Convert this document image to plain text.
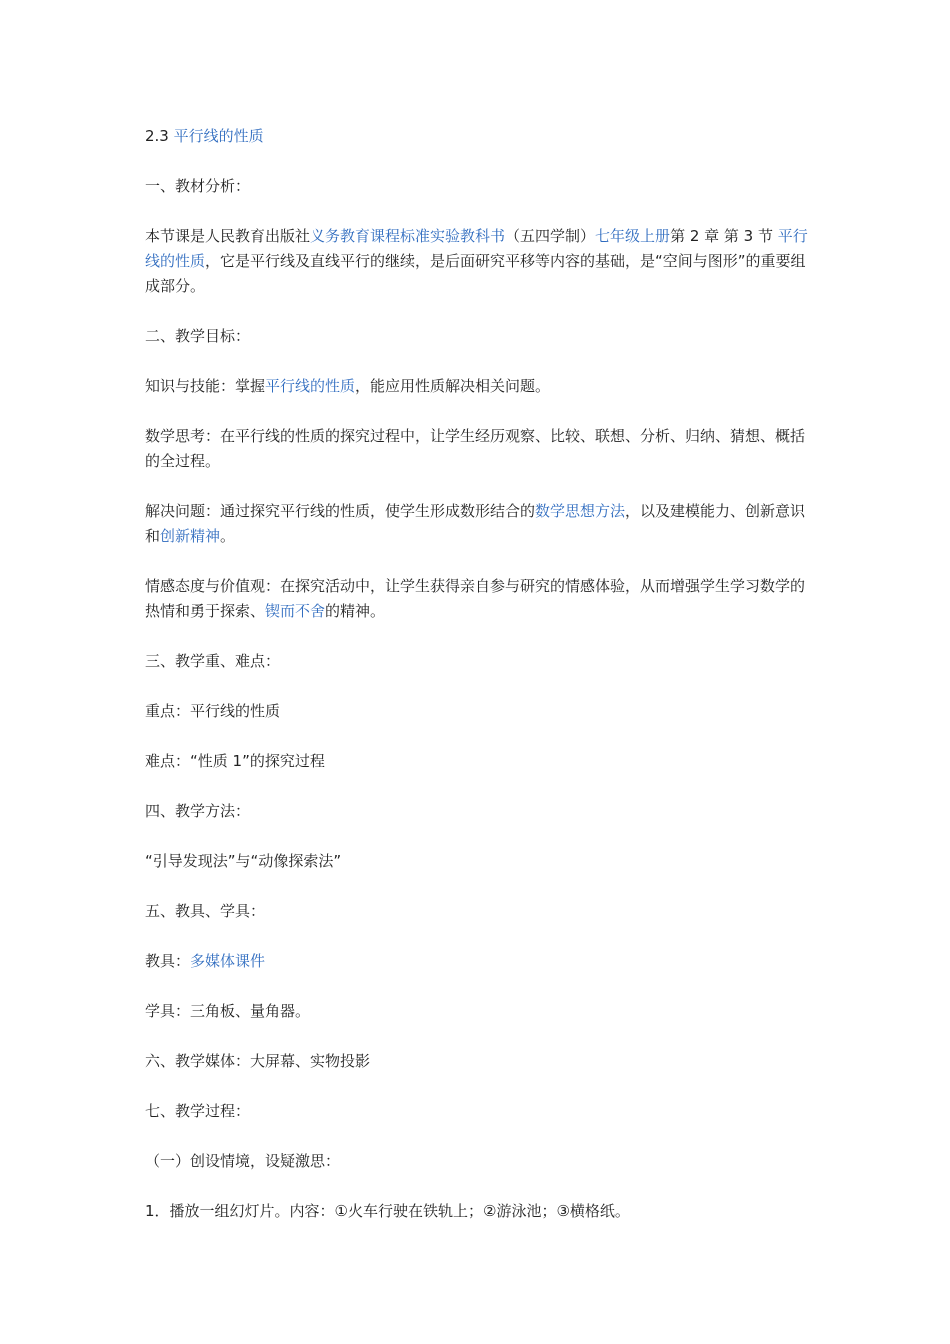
2.3 平行线的性质

一、教材分析：

本节课是人民教育出版社义务教育课程标准实验教科书（五四学制）七年级上册第 2 章 第 3 节 平行线的性质，它是平行线及直线平行的继续，是后面研究平移等内容的基础，是“空间与图形”的重要组成部分。

二、教学目标：

知识与技能：掌握平行线的性质，能应用性质解决相关问题。

数学思考：在平行线的性质的探究过程中，让学生经历观察、比较、联想、分析、归纳、猜想、概括的全过程。

解决问题：通过探究平行线的性质，使学生形成数形结合的数学思想方法，以及建模能力、创新意识和创新精神。

情感态度与价值观：在探究活动中，让学生获得亲自参与研究的情感体验，从而增强学生学习数学的热情和勇于探索、锲而不舍的精神。

三、教学重、难点：

重点：平行线的性质

难点：“性质 1”的探究过程

四、教学方法：

“引导发现法”与“动像探索法”

五、教具、学具：

教具：多媒体课件

学具：三角板、量角器。

六、教学媒体：大屏幕、实物投影

七、教学过程：

（一）创设情境，设疑激思：

1．播放一组幻灯片。内容：①火车行驶在铁轨上；②游泳池；③横格纸。
